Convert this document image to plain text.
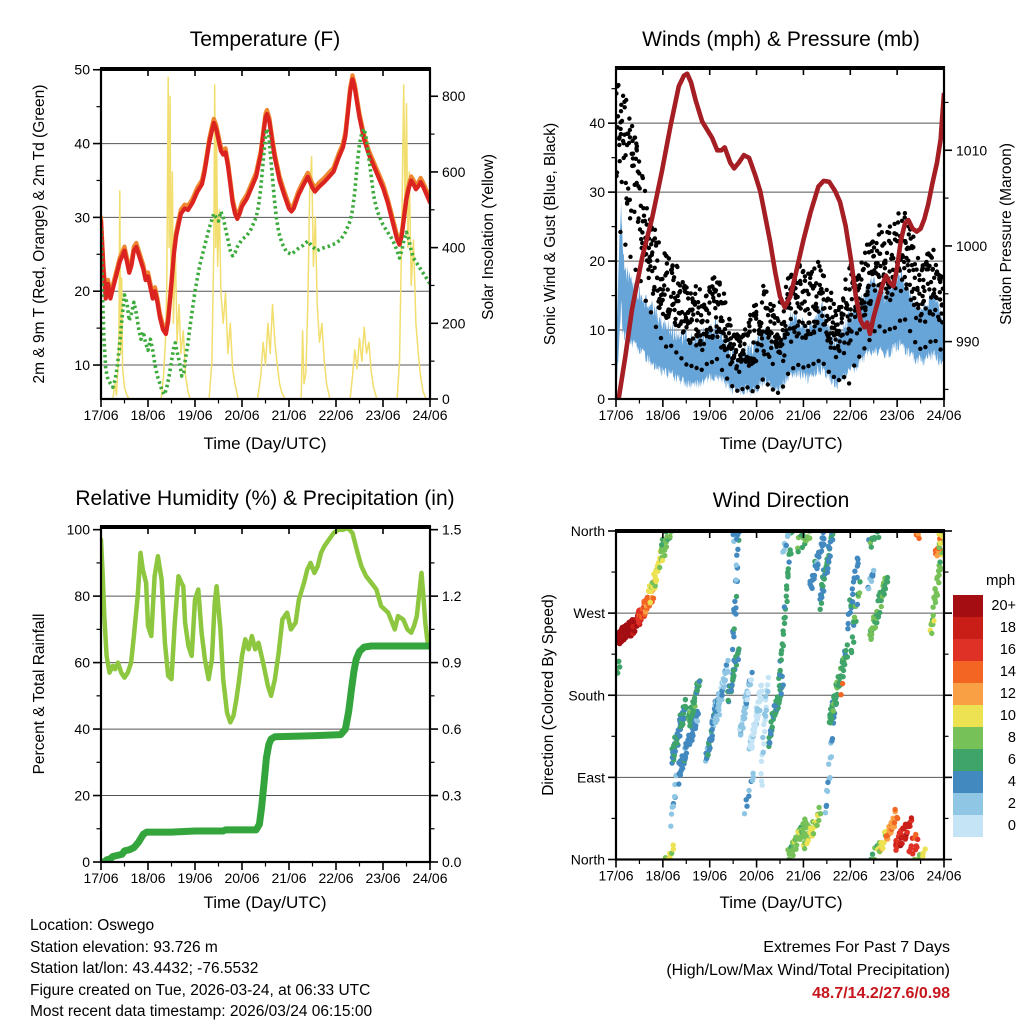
17/06 18/06 19/06 20/06 21/06 22/06 23/06 24/06
10
20
30
40
50
0
200
400
600
800
17/06 18/06 19/06 20/06 21/06 22/06 23/06 24/06
0
10
20
30
40
990
1000
1010
17/06 18/06 19/06 20/06 21/06 22/06 23/06 24/06
0
20
40
60
80
100
0.0
0.3
0.6
0.9
1.2
1.5
17/06 18/06 19/06 20/06 21/06 22/06 23/06 24/06
North
West
South
East
North
Temperature (F)	Winds (mph) & Pressure (mb)
Relative Humidity (%) & Precipitation (in)	Wind Direction
Time (Day/UTC)	Time (Day/UTC)
Time (Day/UTC)	Time (Day/UTC)
2m & 9m T (Red, Orange) & 2m Td (Green)	Solar Insolation (Yellow)	Sonic Wind & Gust (Blue, Black)	Station Pressure (Maroon)
Percent & Total Rainfall	Direction (Colored By Speed)
mph
20+
18
16
14
12
10
8
6
4
2
0
Location: Oswego
Station elevation: 93.726 m
Station lat/lon: 43.4432; -76.5532
Figure created on Tue, 2026-03-24, at 06:33 UTC
Most recent data timestamp: 2026/03/24 06:15:00
Extremes For Past 7 Days
(High/Low/Max Wind/Total Precipitation)
48.7/14.2/27.6/0.98
